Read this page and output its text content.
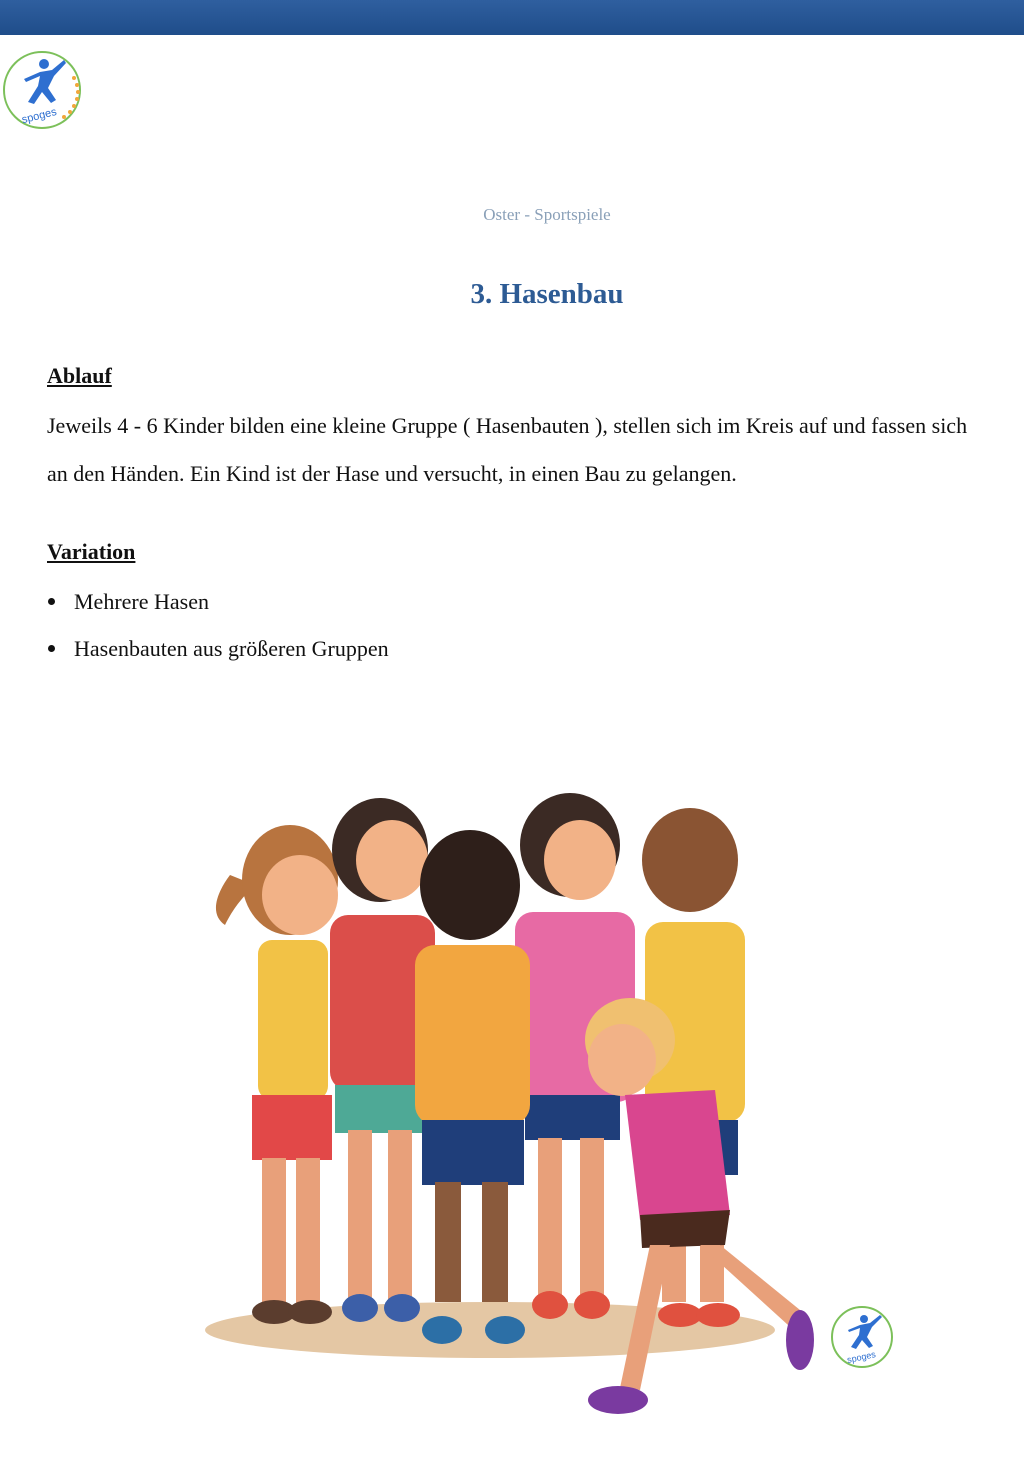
spoges
Oster - Sportspiele
3. Hasenbau
Ablauf
Jeweils 4 - 6 Kinder bilden eine kleine Gruppe ( Hasenbauten ), stellen sich im Kreis auf und fassen sich an den Händen. Ein Kind ist der Hase und versucht, in einen Bau zu gelangen.
Variation
Mehrere Hasen
Hasenbauten aus größeren Gruppen
spoges
